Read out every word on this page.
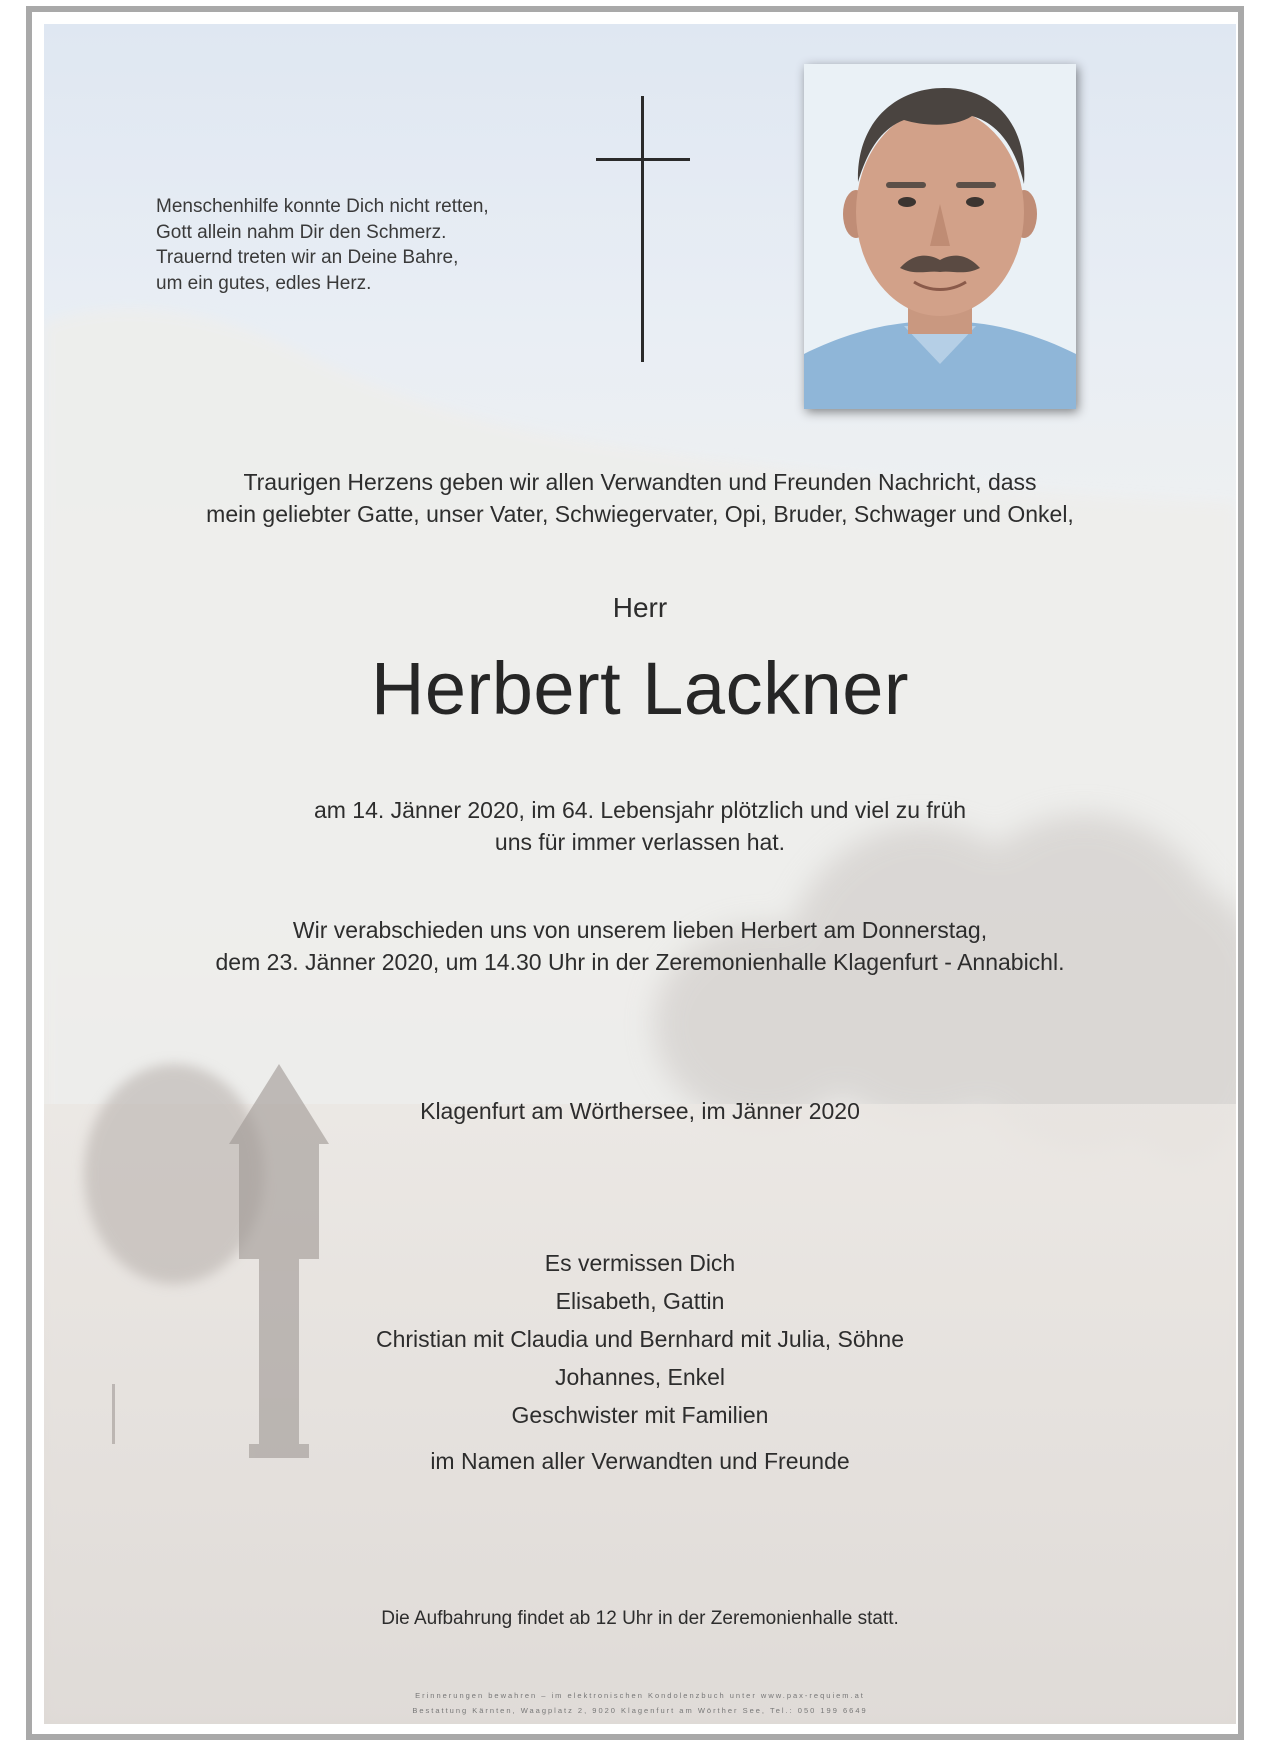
Menschenhilfe konnte Dich nicht retten,
Gott allein nahm Dir den Schmerz.
Trauernd treten wir an Deine Bahre,
um ein gutes, edles Herz.
Traurigen Herzens geben wir allen Verwandten und Freunden Nachricht, dass
mein geliebter Gatte, unser Vater, Schwiegervater, Opi, Bruder, Schwager und Onkel,
Herr
Herbert Lackner
am 14. Jänner 2020, im 64. Lebensjahr plötzlich und viel zu früh
uns für immer verlassen hat.
Wir verabschieden uns von unserem lieben Herbert am Donnerstag,
dem 23. Jänner 2020, um 14.30 Uhr in der Zeremonienhalle Klagenfurt - Annabichl.
Klagenfurt am Wörthersee, im Jänner 2020
Es vermissen Dich
Elisabeth, Gattin
Christian mit Claudia und Bernhard mit Julia, Söhne
Johannes, Enkel
Geschwister mit Familien
im Namen aller Verwandten und Freunde
Die Aufbahrung findet ab 12 Uhr in der Zeremonienhalle statt.
Erinnerungen bewahren – im elektronischen Kondolenzbuch unter www.pax-requiem.at
Bestattung Kärnten, Waagplatz 2, 9020 Klagenfurt am Wörther See, Tel.: 050 199 6649
